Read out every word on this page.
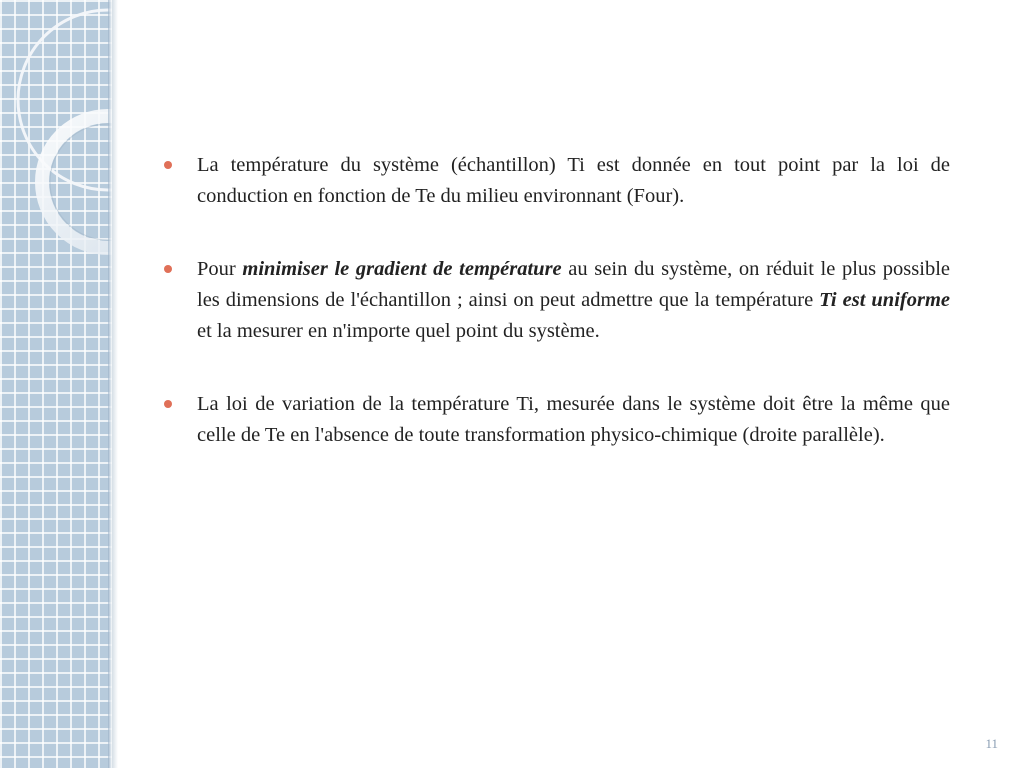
La température du système (échantillon) Ti est donnée en tout point par la loi de conduction en fonction de Te du milieu environnant (Four).
Pour minimiser le gradient de température au sein du système, on réduit le plus possible les dimensions de l'échantillon ; ainsi on peut admettre que la température Ti est uniforme et la mesurer en n'importe quel point du système.
La loi de variation de la température Ti, mesurée dans le système doit être la même que celle de Te en l'absence de toute transformation physico-chimique (droite parallèle).
11
